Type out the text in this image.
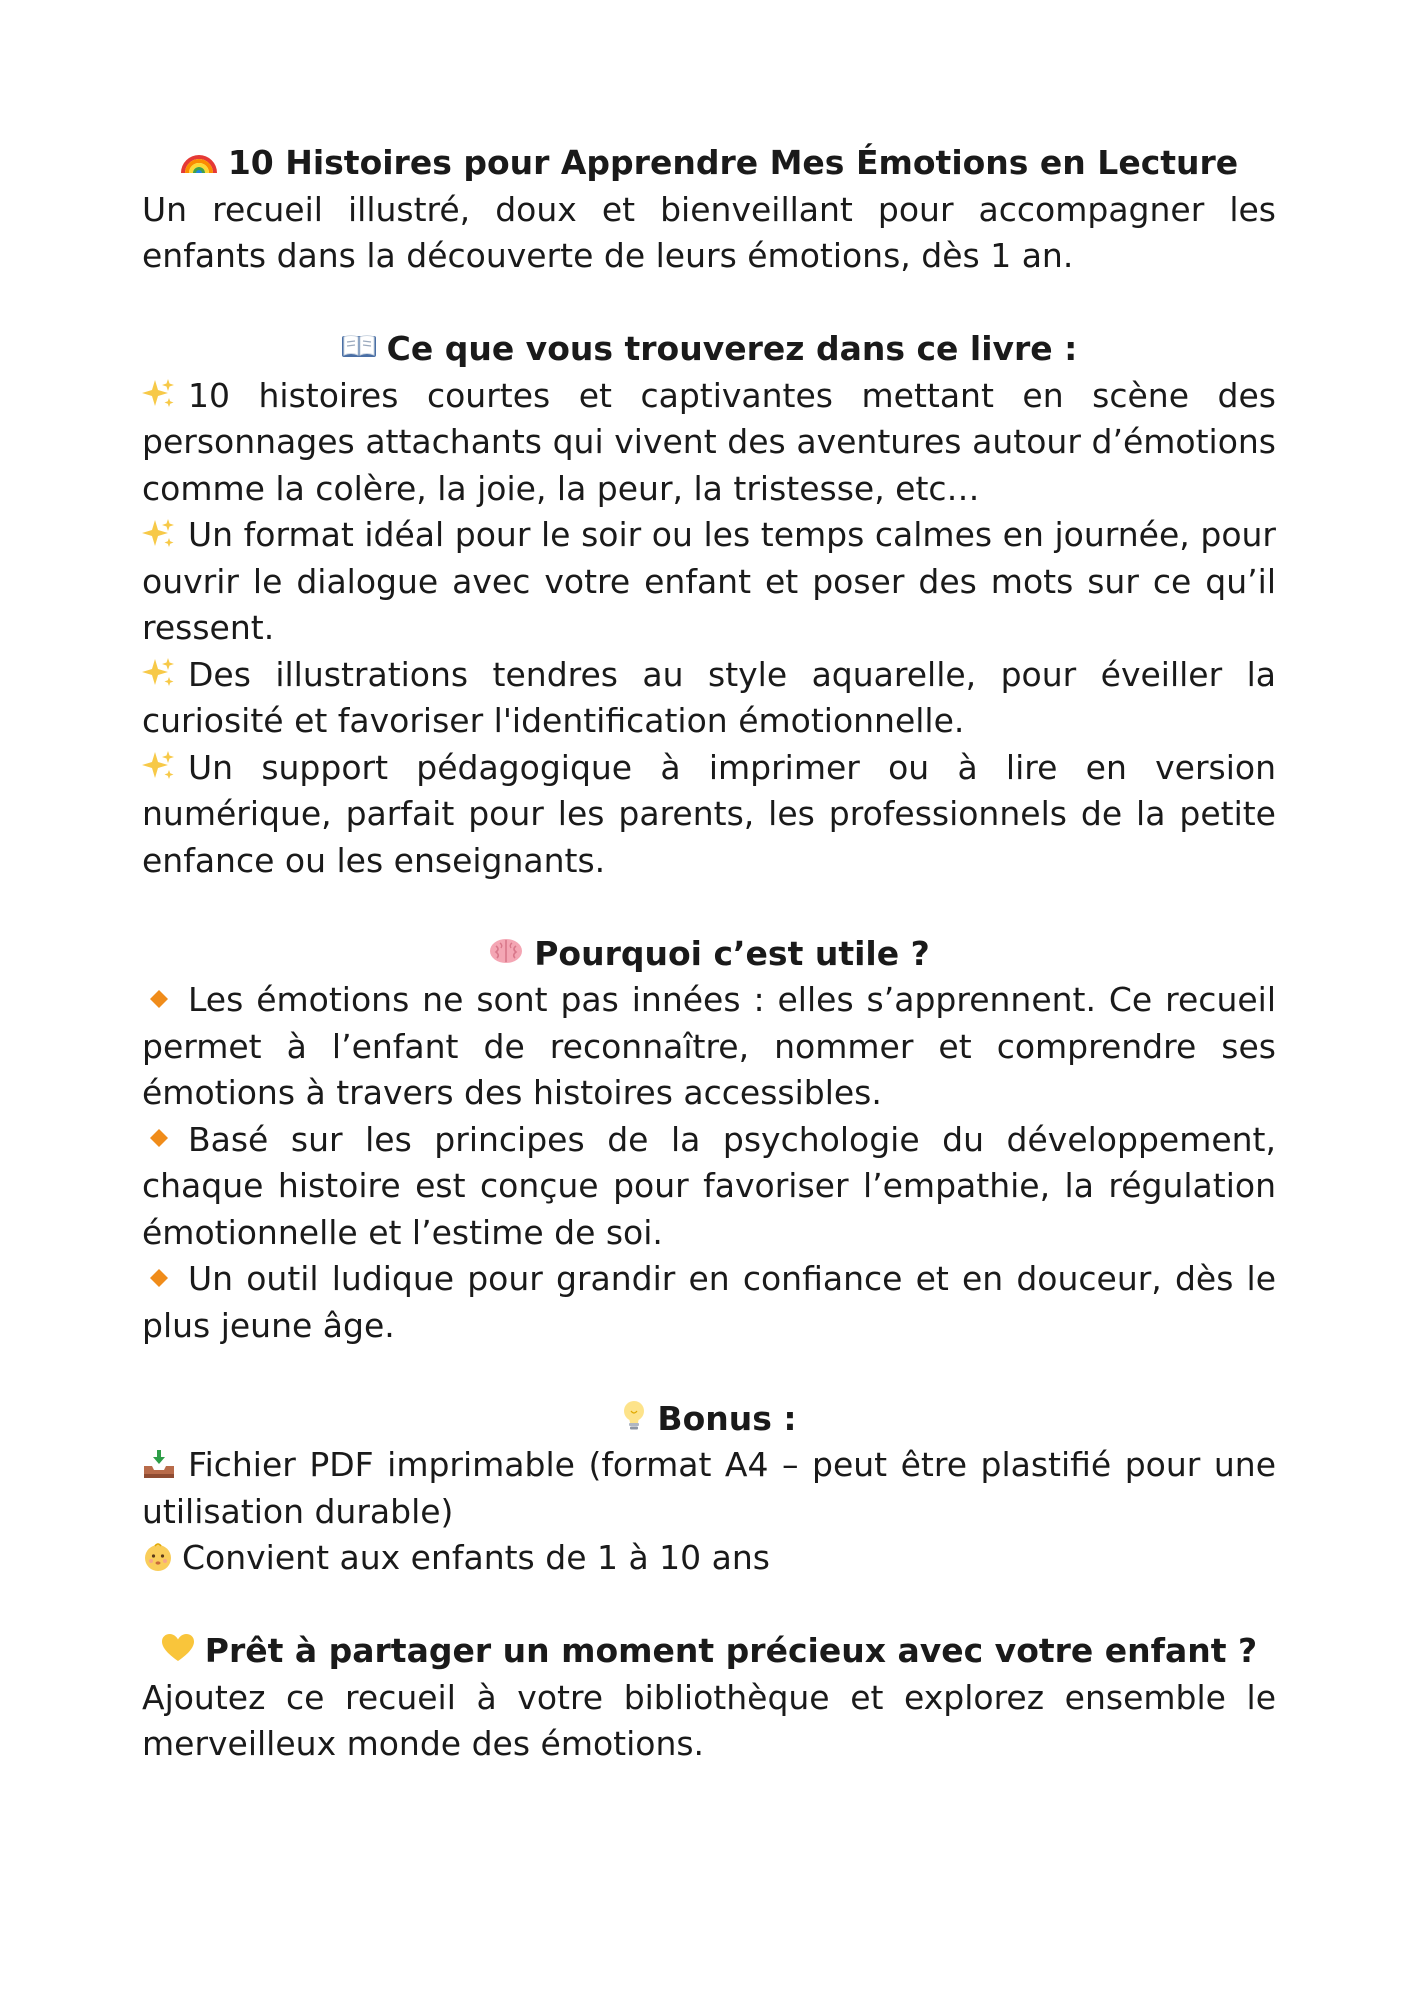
10 Histoires pour Apprendre Mes Émotions en Lecture
Un recueil illustré, doux et bienveillant pour accompagner les enfants dans la découverte de leurs émotions, dès 1 an.
Ce que vous trouverez dans ce livre :
10 histoires courtes et captivantes mettant en scène des personnages attachants qui vivent des aventures autour d’émotions comme la colère, la joie, la peur, la tristesse, etc…
Un format idéal pour le soir ou les temps calmes en journée, pour ouvrir le dialogue avec votre enfant et poser des mots sur ce qu’il ressent.
Des illustrations tendres au style aquarelle, pour éveiller la curiosité et favoriser l'identification émotionnelle.
Un support pédagogique à imprimer ou à lire en version numérique, parfait pour les parents, les professionnels de la petite enfance ou les enseignants.
Pourquoi c’est utile ?
Les émotions ne sont pas innées : elles s’apprennent. Ce recueil permet à l’enfant de reconnaître, nommer et comprendre ses émotions à travers des histoires accessibles.
Basé sur les principes de la psychologie du développement, chaque histoire est conçue pour favoriser l’empathie, la régulation émotionnelle et l’estime de soi.
Un outil ludique pour grandir en confiance et en douceur, dès le plus jeune âge.
Bonus :
Fichier PDF imprimable (format A4 – peut être plastifié pour une utilisation durable)
Convient aux enfants de 1 à 10 ans
Prêt à partager un moment précieux avec votre enfant ?
Ajoutez ce recueil à votre bibliothèque et explorez ensemble le merveilleux monde des émotions.
